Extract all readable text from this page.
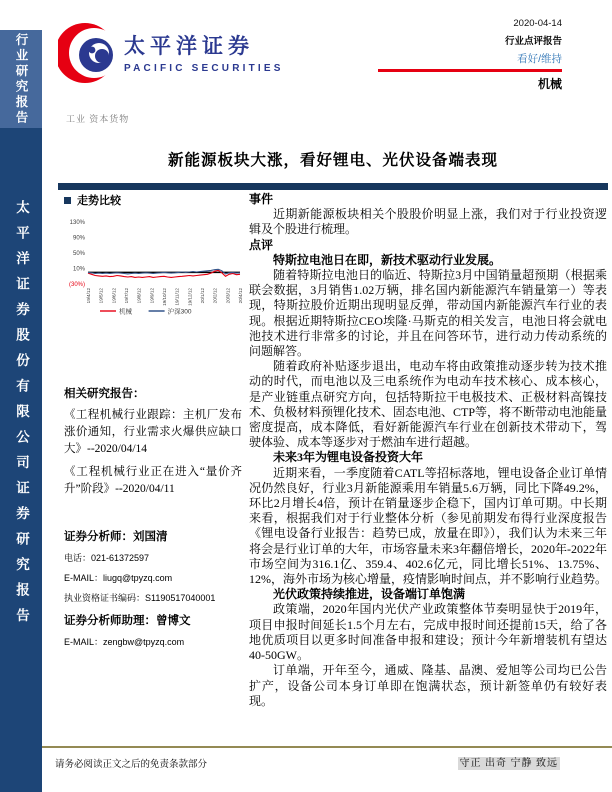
行业研究报告
太平洋证券股份有限公司证券研究报告
太平洋证券
PACIFIC SECURITIES
2020-04-14
行业点评报告
看好/维持
机械
工业 资本货物
新能源板块大涨，看好锂电、光伏设备端表现
走势比较
130%
90%
50%
10%
(30%)
19/4/12 19/5/12 19/6/12 19/7/12 19/8/12 19/9/12 19/10/12 19/11/12 19/12/12 20/1/12 20/2/12 20/3/12 20/4/12
机械	沪深300
相关研究报告：
《工程机械行业跟踪：主机厂发布涨价通知，行业需求火爆供应缺口大》--2020/04/14
《工程机械行业正在进入“量价齐升”阶段》--2020/04/11
证券分析师：刘国清
电话：021-61372597
E-MAIL：liugq@tpyzq.com
执业资格证书编码：S1190517040001
证券分析师助理：曾博文
E-MAIL：zengbw@tpyzq.com
事件
近期新能源板块相关个股股价明显上涨，我们对于行业投资逻辑及个股进行梳理。
点评
特斯拉电池日在即，新技术驱动行业发展。
随着特斯拉电池日的临近、特斯拉3月中国销量超预期（根据乘联会数据，3月销售1.02万辆，排名国内新能源汽车销量第一）等表现，特斯拉股价近期出现明显反弹，带动国内新能源汽车行业的表现。根据近期特斯拉CEO埃隆·马斯克的相关发言，电池日将会就电池技术进行非常多的讨论，并且在问答环节，进行动力传动系统的问题解答。
随着政府补贴逐步退出，电动车将由政策推动逐步转为技术推动的时代，而电池以及三电系统作为电动车技术核心、成本核心，是产业链重点研究方向，包括特斯拉干电极技术、正极材料高镍技术、负极材料预锂化技术、固态电池、CTP等，将不断带动电池能量密度提高，成本降低，看好新能源汽车行业在创新技术带动下，驾驶体验、成本等逐步对于燃油车进行超越。
未来3年为锂电设备投资大年
近期来看，一季度随着CATL等招标落地，锂电设备企业订单情况仍然良好，行业3月新能源乘用车销量5.6万辆，同比下降49.2%，环比2月增长4倍，预计在销量逐步企稳下，国内订单可期。中长期来看，根据我们对于行业整体分析（参见前期发布得行业深度报告《锂电设备行业报告：趋势已成，放量在即》），我们认为未来三年将会是行业订单的大年，市场容量未来3年翻倍增长，2020年-2022年市场空间为316.1亿、359.4、402.6亿元，同比增长51%、13.75%、12%，海外市场为核心增量，疫情影响时间点，并不影响行业趋势。
光伏政策持续推进，设备端订单饱满
政策端，2020年国内光伏产业政策整体节奏明显快于2019年，项目申报时间延长1.5个月左右，完成申报时间还提前15天，给了各地优质项目以更多时间准备申报和建设；预计今年新增装机有望达40-50GW。
订单端，开年至今，通威、隆基、晶澳、爱旭等公司均已公告扩产，设备公司本身订单即在饱满状态，预计新签单仍有较好表现。
请务必阅读正文之后的免责条款部分	守正 出奇 宁静 致远
